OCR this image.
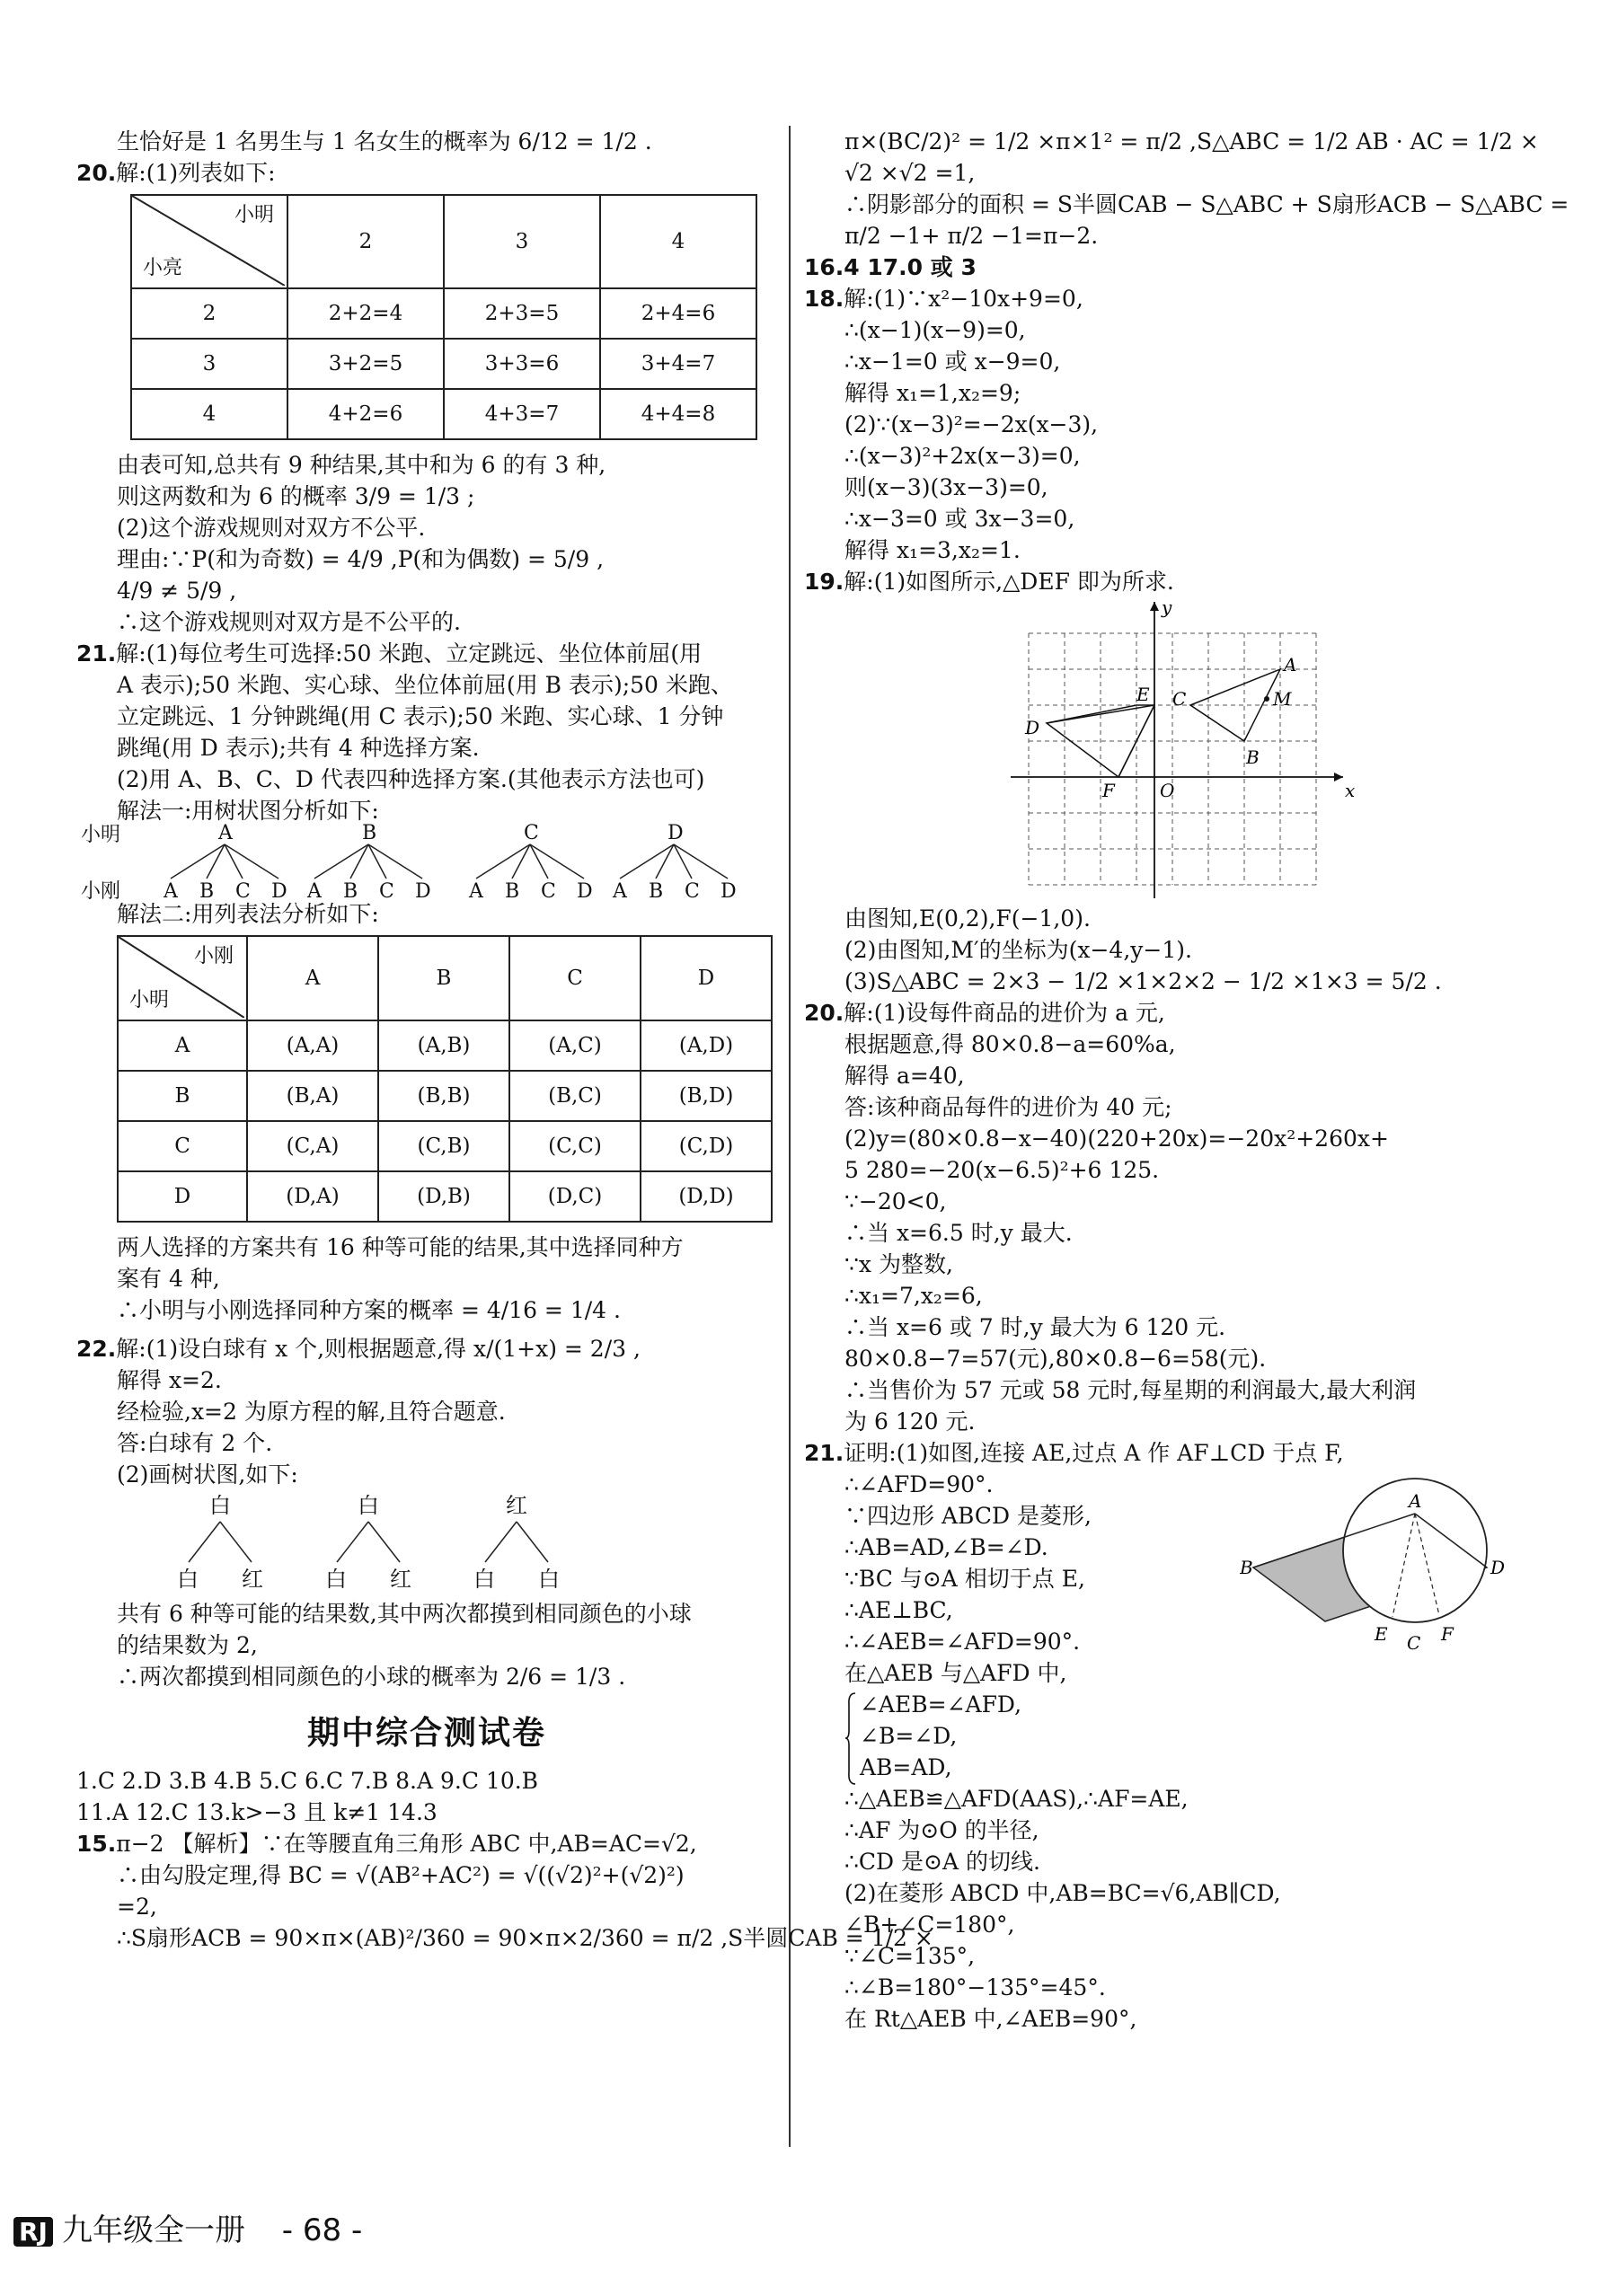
生恰好是 1 名男生与 1 名女生的概率为 6/12 = 1/2 .

20.解:(1)列表如下:

小明
小亮	2	3	4
2	2+2=4	2+3=5	2+4=6
3	3+2=5	3+3=6	3+4=7
4	4+2=6	4+3=7	4+4=8

由表可知,总共有 9 种结果,其中和为 6 的有 3 种,

则这两数和为 6 的概率 3/9 = 1/3 ;

(2)这个游戏规则对双方不公平.

理由:∵P(和为奇数) = 4/9 ,P(和为偶数) = 5/9 ,

4/9 ≠ 5/9 ,

∴这个游戏规则对双方是不公平的.

21.解:(1)每位考生可选择:50 米跑、立定跳远、坐位体前屈(用

A 表示);50 米跑、实心球、坐位体前屈(用 B 表示);50 米跑、

立定跳远、1 分钟跳绳(用 C 表示);50 米跑、实心球、1 分钟

跳绳(用 D 表示);共有 4 种选择方案.

(2)用 A、B、C、D 代表四种选择方案.(其他表示方法也可)

解法一:用树状图分析如下:

小明
小刚
A	B	C	D
A B C D A B C D A B C D A B C D

解法二:用列表法分析如下:

小刚
小明	A	B	C	D
A	(A,A)	(A,B)	(A,C)	(A,D)
B	(B,A)	(B,B)	(B,C)	(B,D)
C	(C,A)	(C,B)	(C,C)	(C,D)
D	(D,A)	(D,B)	(D,C)	(D,D)

两人选择的方案共有 16 种等可能的结果,其中选择同种方

案有 4 种,

∴小明与小刚选择同种方案的概率 = 4/16 = 1/4 .

22.解:(1)设白球有 x 个,则根据题意,得 x/(1+x) = 2/3 ,

解得 x=2.

经检验,x=2 为原方程的解,且符合题意.

答:白球有 2 个.

(2)画树状图,如下:

白	白	红
白 红	白 红	白 白

共有 6 种等可能的结果数,其中两次都摸到相同颜色的小球

的结果数为 2,

∴两次都摸到相同颜色的小球的概率为 2/6 = 1/3 .

期中综合测试卷

1.C 2.D 3.B 4.B 5.C 6.C 7.B 8.A 9.C 10.B

11.A 12.C 13.k>−3 且 k≠1 14.3

15.π−2 【解析】∵在等腰直角三角形 ABC 中,AB=AC=√2,

∴由勾股定理,得 BC = √(AB²+AC²) = √((√2)²+(√2)²)

=2,

∴S扇形ACB = 90×π×(AB)²/360 = 90×π×2/360 = π/2 ,S半圆CAB = 1/2 ×

π×(BC/2)² = 1/2 ×π×1² = π/2 ,S△ABC = 1/2 AB · AC = 1/2 ×

√2 ×√2 =1,

∴阴影部分的面积 = S半圆CAB − S△ABC + S扇形ACB − S△ABC =

π/2 −1+ π/2 −1=π−2.

16.4 17.0 或 3

18.解:(1)∵x²−10x+9=0,

∴(x−1)(x−9)=0,

∴x−1=0 或 x−9=0,

解得 x₁=1,x₂=9;

(2)∵(x−3)²=−2x(x−3),

∴(x−3)²+2x(x−3)=0,

则(x−3)(3x−3)=0,

∴x−3=0 或 3x−3=0,

解得 x₁=3,x₂=1.

19.解:(1)如图所示,△DEF 即为所求.

y
x
O
A
B
C	M
D
E
F

由图知,E(0,2),F(−1,0).

(2)由图知,M′的坐标为(x−4,y−1).

(3)S△ABC = 2×3 − 1/2 ×1×2×2 − 1/2 ×1×3 = 5/2 .

20.解:(1)设每件商品的进价为 a 元,

根据题意,得 80×0.8−a=60%a,

解得 a=40,

答:该种商品每件的进价为 40 元;

(2)y=(80×0.8−x−40)(220+20x)=−20x²+260x+

5 280=−20(x−6.5)²+6 125.

∵−20<0,

∴当 x=6.5 时,y 最大.

∵x 为整数,

∴x₁=7,x₂=6,

∴当 x=6 或 7 时,y 最大为 6 120 元.

80×0.8−7=57(元),80×0.8−6=58(元).

∴当售价为 57 元或 58 元时,每星期的利润最大,最大利润

为 6 120 元.

21.证明:(1)如图,连接 AE,过点 A 作 AF⊥CD 于点 F,

A
B	D
E C F

∴∠AFD=90°.

∵四边形 ABCD 是菱形,

∴AB=AD,∠B=∠D.

∵BC 与⊙A 相切于点 E,

∴AE⊥BC,

∴∠AEB=∠AFD=90°.

在△AEB 与△AFD 中,

∠AEB=∠AFD,

∠B=∠D,

AB=AD,

∴△AEB≌△AFD(AAS),∴AF=AE,

∴AF 为⊙O 的半径,

∴CD 是⊙A 的切线.

(2)在菱形 ABCD 中,AB=BC=√6,AB∥CD,

∠B+∠C=180°,

∵∠C=135°,

∴∠B=180°−135°=45°.

在 Rt△AEB 中,∠AEB=90°,

RJ 九年级全一册 - 68 -
